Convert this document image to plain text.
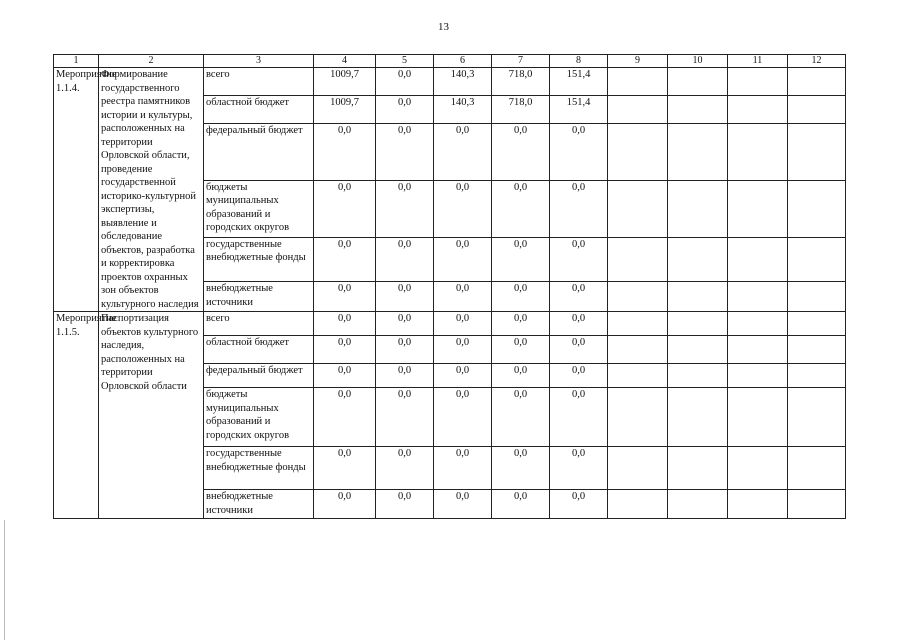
13
1	2	3	4	5	6	7	8	9	10	11	12
Мероприятие 1.1.4.	Формирование государственного реестра памятников истории и культуры, расположенных на территории Орловской области, проведение государственной историко-культурной экспертизы, выявление и обследование объектов, разработка и корректировка проектов охранных зон объектов культурного наследия	всего	1009,7	0,0	140,3	718,0	151,4				
		областной бюджет	1009,7	0,0	140,3	718,0	151,4				
		федеральный бюджет	0,0	0,0	0,0	0,0	0,0				
		бюджеты муниципальных образований и городских округов	0,0	0,0	0,0	0,0	0,0				
		государственные внебюджетные фонды	0,0	0,0	0,0	0,0	0,0				
		внебюджетные источники	0,0	0,0	0,0	0,0	0,0				
Мероприятие 1.1.5.	Паспортизация объектов культурного наследия, расположенных на территории Орловской области	всего	0,0	0,0	0,0	0,0	0,0				
		областной бюджет	0,0	0,0	0,0	0,0	0,0				
		федеральный бюджет	0,0	0,0	0,0	0,0	0,0				
		бюджеты муниципальных образований и городских округов	0,0	0,0	0,0	0,0	0,0				
		государственные внебюджетные фонды	0,0	0,0	0,0	0,0	0,0				
		внебюджетные источники	0,0	0,0	0,0	0,0	0,0				
